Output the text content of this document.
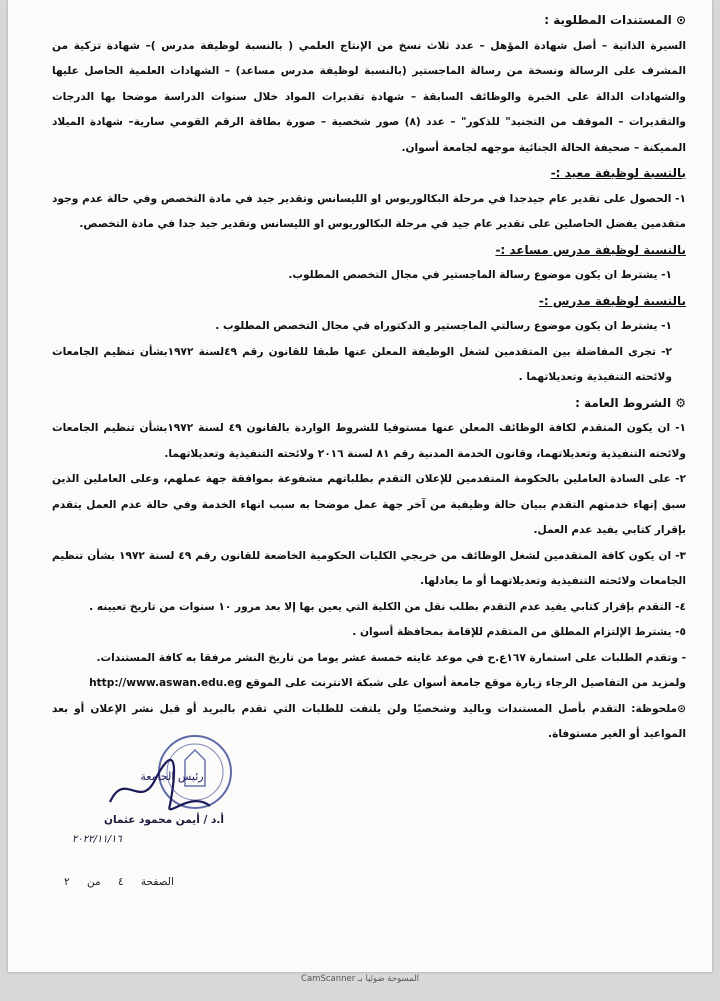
⊙ المستندات المطلوبة :

السيرة الذاتية – أصل شهادة المؤهل – عدد ثلاث نسخ من الإنتاج العلمي ( بالنسبة لوظيفة مدرس )– شهادة تزكية من المشرف على الرسالة ونسخة من رسالة الماجستير (بالنسبة لوظيفة مدرس مساعد) – الشهادات العلمية الحاصل عليها والشهادات الدالة على الخبرة والوظائف السابقة – شهادة تقديرات المواد خلال سنوات الدراسة موضحا بها الدرجات والتقديرات – الموقف من التجنيد" للذكور" – عدد (٨) صور شخصية – صورة بطاقة الرقم القومي سارية– شهادة الميلاد المميكنة – صحيفة الحالة الجنائية موجهه لجامعة أسوان.

بالنسبة لوظيفة معيد :-

١- الحصول على تقدير عام جيدجدا في مرحلة البكالوريوس او الليسانس وتقدير جيد في مادة التخصص وفي حالة عدم وجود متقدمين يفضل الحاصلين على تقدير عام جيد في مرحلة البكالوريوس او الليسانس وتقدير جيد جدا في مادة التخصص.

بالنسبة لوظيفة مدرس مساعد :-

١- يشترط ان يكون موضوع رسالة الماجستير في مجال التخصص المطلوب.

بالنسبة لوظيفة مدرس :-

١- يشترط ان يكون موضوع رسالتي الماجستير و الدكتوراه في مجال التخصص المطلوب .

٢- تجرى المفاضلة بين المتقدمين لشغل الوظيفة المعلن عنها طبقا للقانون رقم ٤٩لسنة ١٩٧٢بشأن تنظيم الجامعات ولائحته التنفيذية وتعديلاتهما .

⚙ الشروط العامة :

١- ان يكون المتقدم لكافة الوظائف المعلن عنها مستوفيا للشروط الواردة بالقانون ٤٩ لسنة ١٩٧٢بشأن تنظيم الجامعات ولائحته التنفيذية وتعديلاتهما، وقانون الخدمة المدنية رقم ٨١ لسنة ٢٠١٦ ولائحته التنفيذية وتعديلاتهما.

٢- على السادة العاملين بالحكومة المتقدمين للإعلان التقدم بطلباتهم مشفوعة بموافقة جهة عملهم، وعلى العاملين الذين سبق إنهاء خدمتهم التقدم ببيان حالة وظيفية من آخر جهة عمل موضحا به سبب انهاء الخدمة وفي حالة عدم العمل يتقدم بإقرار كتابي يفيد عدم العمل.

٣- ان يكون كافة المتقدمين لشغل الوظائف من خريجي الكليات الحكومية الخاضعة للقانون رقم ٤٩ لسنة ١٩٧٢ بشأن تنظيم الجامعات ولائحته التنفيذية وتعديلاتهما أو ما يعادلها.

٤- التقدم بإقرار كتابي يفيد عدم التقدم بطلب نقل من الكلية التي يعين بها إلا بعد مرور ١٠ سنوات من تاريخ تعيينه .

٥- يشترط الإلتزام المطلق من المتقدم للإقامة بمحافظة أسوان .

- وتقدم الطلبات على استمارة ١٦٧ع.ح في موعد غايته خمسة عشر يوما من تاريخ النشر مرفقا به كافة المستندات.

ولمزيد من التفاصيل الرجاء زيارة موقع جامعة أسوان على شبكة الانترنت على الموقع http://www.aswan.edu.eg

⊙ملحوظة: التقدم بأصل المستندات وباليد وشخصيًا ولن يلتفت للطلبات التي تقدم بالبريد أو قبل نشر الإعلان أو بعد المواعيد أو الغير مستوفاة.

رئيس الجامعة
أ.د / أيمن محمود عثمان
٢٠٢٢/١١/١٦
الصفحة ٤ من ٢
CamScanner المسوحة ضوئيا بـ
